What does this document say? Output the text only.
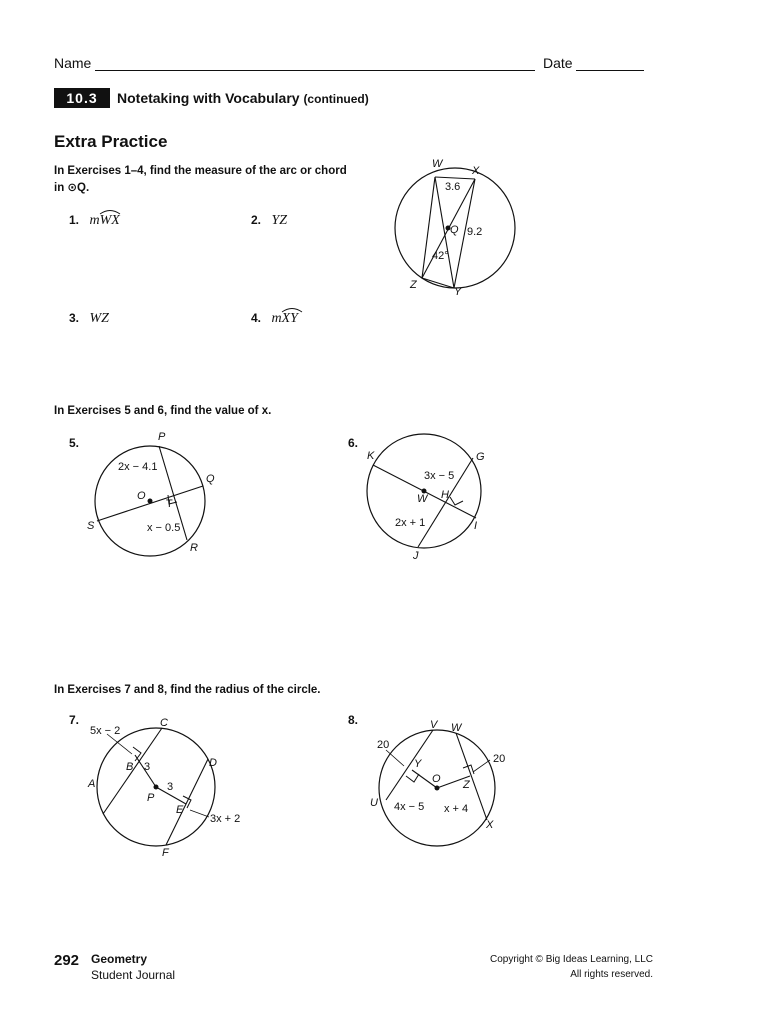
Name	Date
10.3	Notetaking with Vocabulary (continued)
Extra Practice
In Exercises 1–4, find the measure of the arc or chord
in ⊙Q.
1. mWX	2. YZ
3. WZ	4. mXY
W
X
Q
Z
Y
3.6
9.2
42°
In Exercises 5 and 6, find the value of x.
5.	P
Q
O
T
S
R
2x − 4.1
x − 0.5
6.
K	G
W H
I
J
3x − 5
2x + 1
In Exercises 7 and 8, find the radius of the circle.
7.
5x − 2
C
A
B 3	D
3
P
E
3x + 2
F
8.	V W
20
20
Y
O Z
U 4x − 5 x + 4
X
292 Geometry
Student Journal
Copyright © Big Ideas Learning, LLC
All rights reserved.
